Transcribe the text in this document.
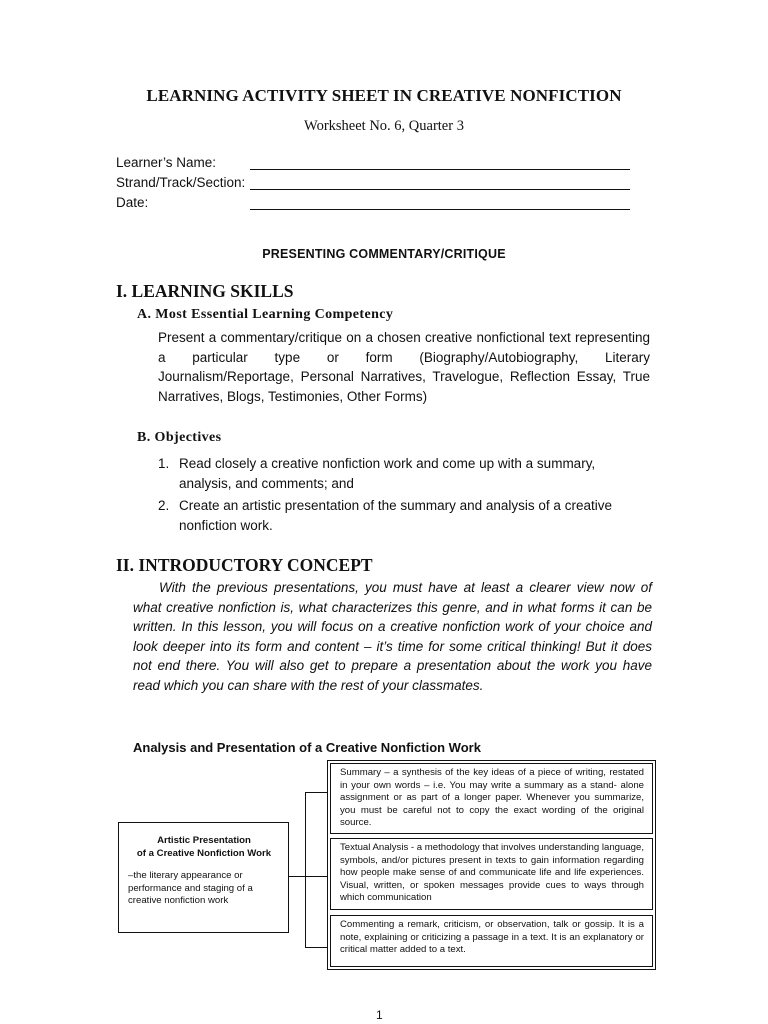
LEARNING ACTIVITY SHEET IN CREATIVE NONFICTION
Worksheet No. 6, Quarter 3
Learner’s Name:
Strand/Track/Section:
Date:
PRESENTING COMMENTARY/CRITIQUE
I. LEARNING SKILLS
A. Most Essential Learning Competency
Present a commentary/critique on a chosen creative nonfictional text representing a particular type or form (Biography/Autobiography, Literary Journalism/Reportage, Personal Narratives, Travelogue, Reflection Essay, True Narratives, Blogs, Testimonies, Other Forms)
B. Objectives
1. Read closely a creative nonfiction work and come up with a summary, analysis, and comments; and
2. Create an artistic presentation of the summary and analysis of a creative nonfiction work.
II. INTRODUCTORY CONCEPT
With the previous presentations, you must have at least a clearer view now of what creative nonfiction is, what characterizes this genre, and in what forms it can be written. In this lesson, you will focus on a creative nonfiction work of your choice and look deeper into its form and content – it’s time for some critical thinking! But it does not end there. You will also get to prepare a presentation about the work you have read which you can share with the rest of your classmates.
Analysis and Presentation of a Creative Nonfiction Work
Artistic Presentation
of a Creative Nonfiction Work
–the literary appearance or performance and staging of a creative nonfiction work
Summary – a synthesis of the key ideas of a piece of writing, restated in your own words – i.e. You may write a summary as a stand- alone assignment or as part of a longer paper. Whenever you summarize, you must be careful not to copy the exact wording of the original source.
Textual Analysis - a methodology that involves understanding language, symbols, and/or pictures present in texts to gain information regarding how people make sense of and communicate life and life experiences. Visual, written, or spoken messages provide cues to ways through which communication
Commenting a remark, criticism, or observation, talk or gossip. It is a note, explaining or criticizing a passage in a text. It is an explanatory or critical matter added to a text.
1
